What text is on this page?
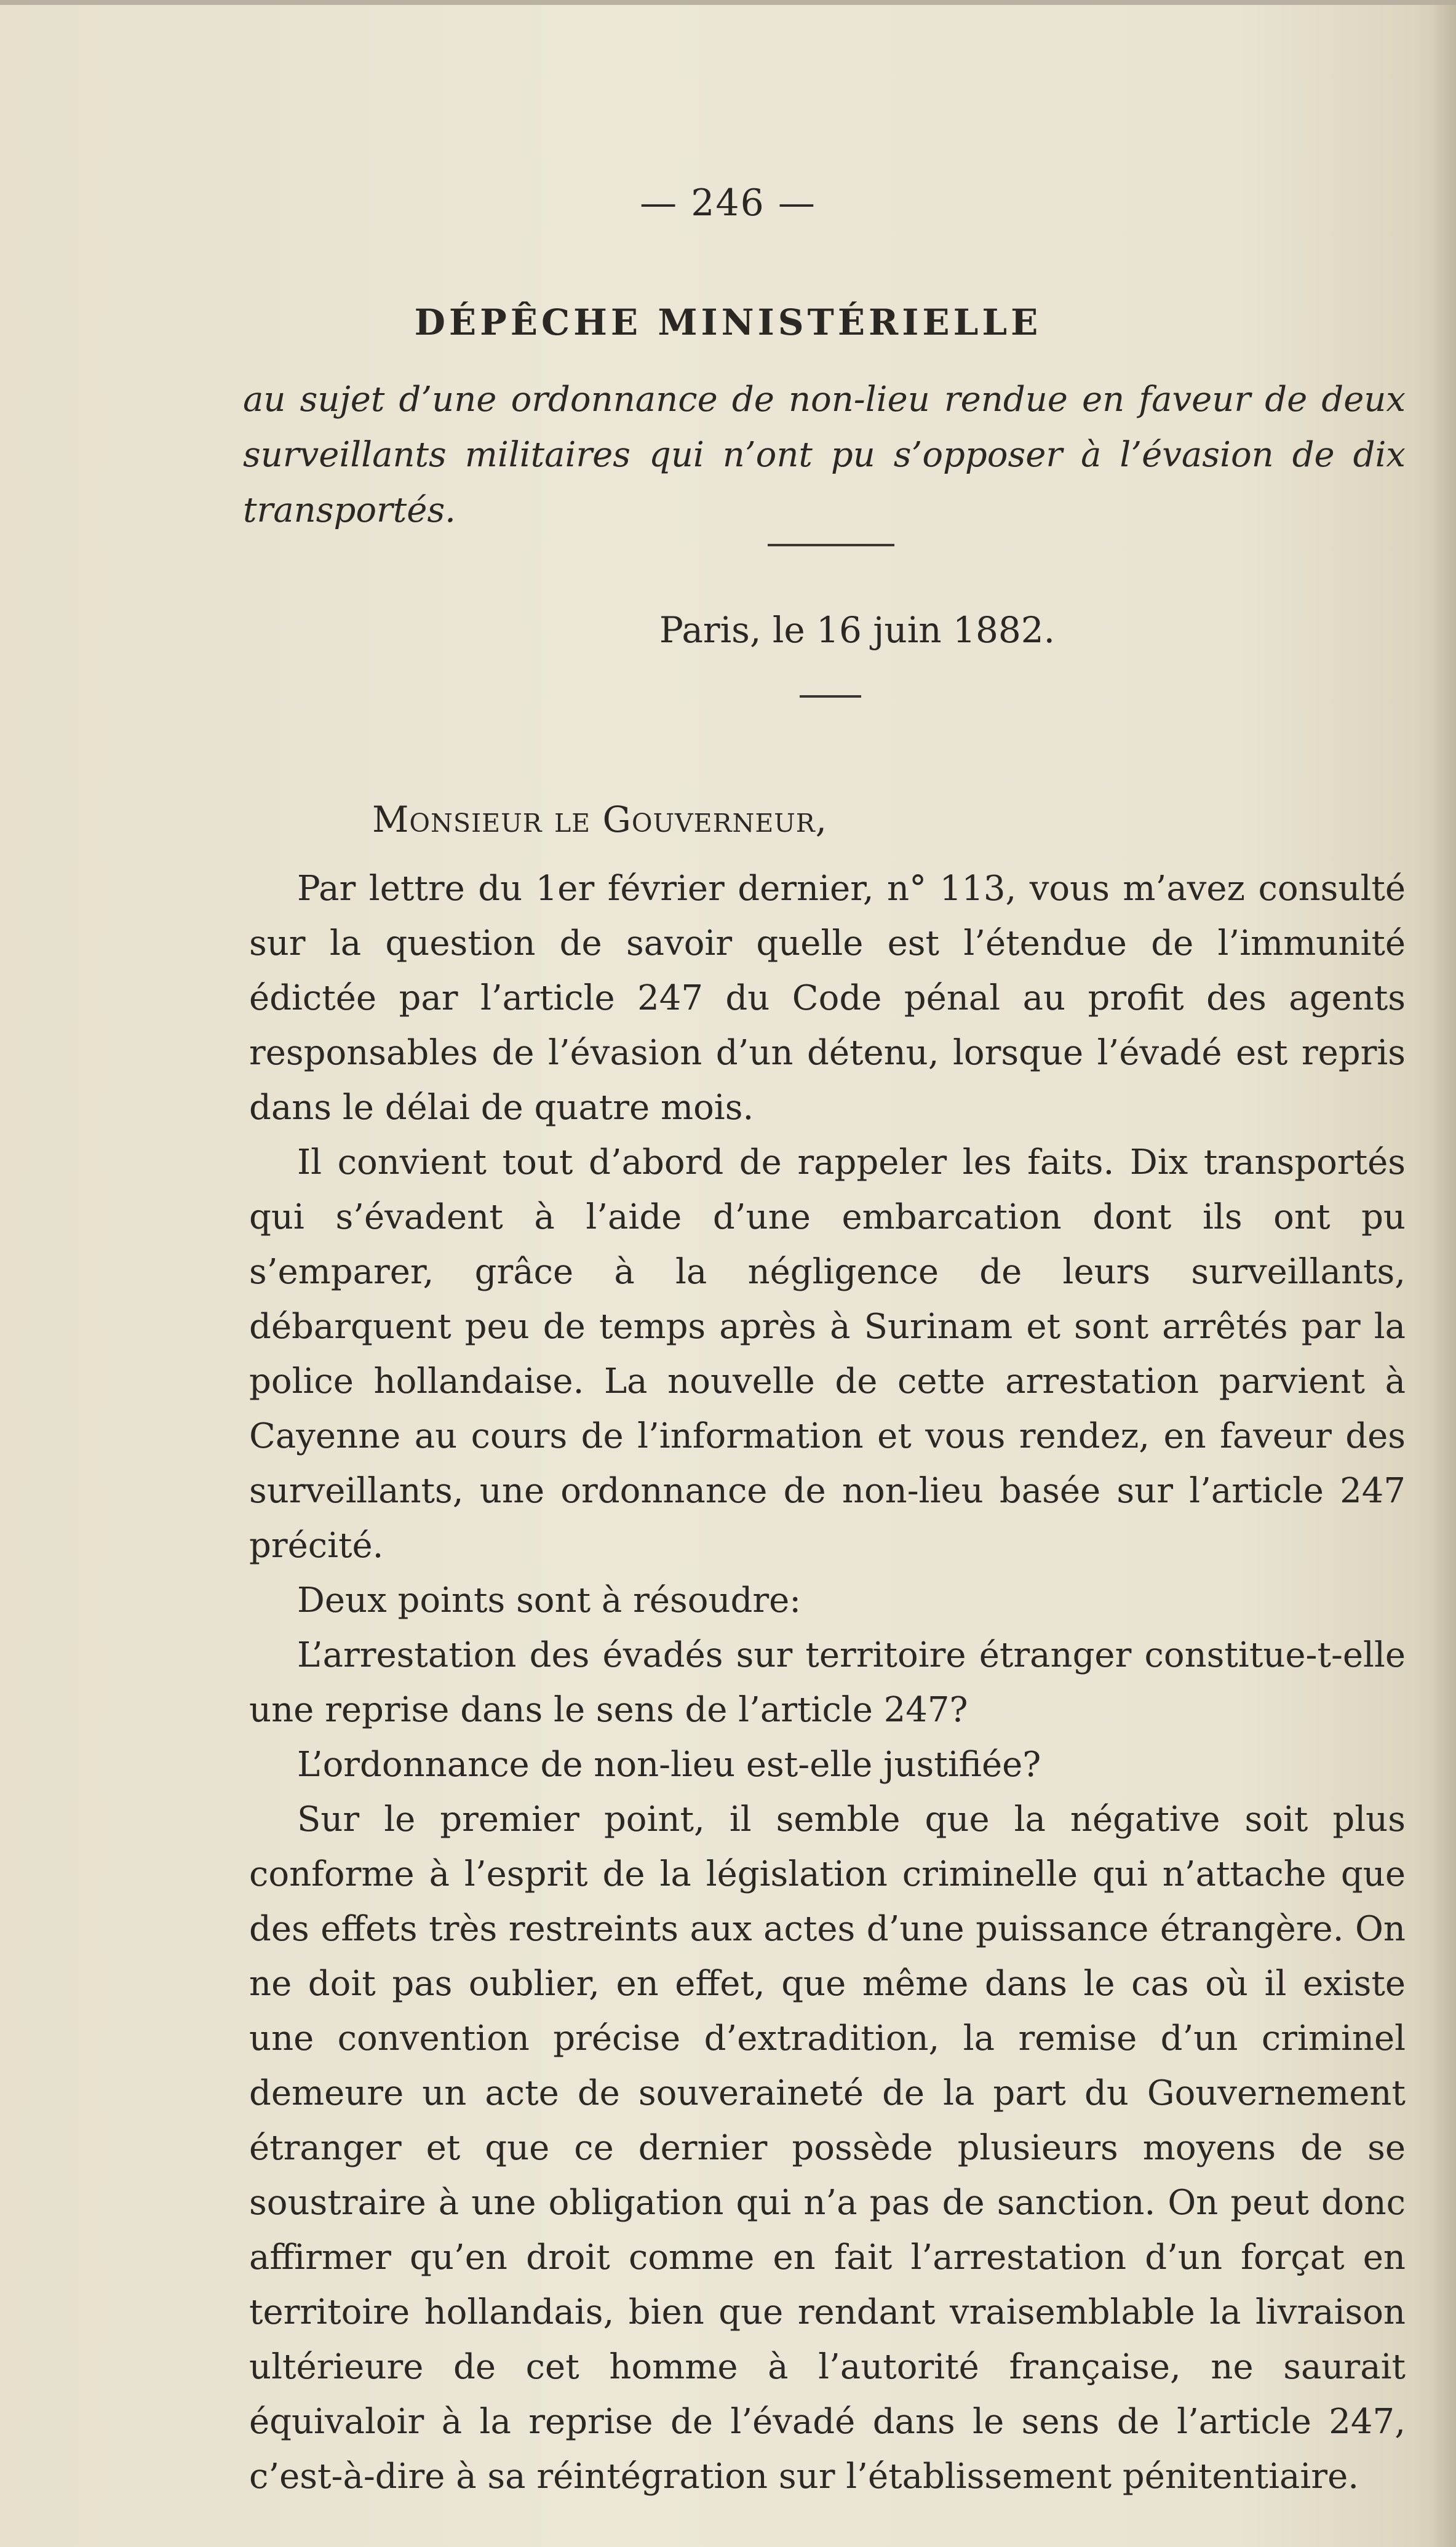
— 246 —
DÉPÊCHE MINISTÉRIELLE
au sujet d’une ordonnance de non-lieu rendue en faveur de deux surveillants militaires qui n’ont pu s’opposer à l’évasion de dix transportés.
Paris, le 16 juin 1882.
Monsieur le Gouverneur,

Par lettre du 1er février dernier, n° 113, vous m’avez consulté sur la question de savoir quelle est l’étendue de l’immunité édictée par l’article 247 du Code pénal au profit des agents responsables de l’évasion d’un détenu, lorsque l’évadé est repris dans le délai de quatre mois.

Il convient tout d’abord de rappeler les faits. Dix transportés qui s’évadent à l’aide d’une embarcation dont ils ont pu s’emparer, grâce à la négligence de leurs surveillants, débarquent peu de temps après à Surinam et sont arrêtés par la police hollandaise. La nouvelle de cette arrestation parvient à Cayenne au cours de l’information et vous rendez, en faveur des surveillants, une ordonnance de non-lieu basée sur l’article 247 précité.

Deux points sont à résoudre:

L’arrestation des évadés sur territoire étranger constitue-t-elle une reprise dans le sens de l’article 247?

L’ordonnance de non-lieu est-elle justifiée?

Sur le premier point, il semble que la négative soit plus conforme à l’esprit de la législation criminelle qui n’attache que des effets très restreints aux actes d’une puissance étrangère. On ne doit pas oublier, en effet, que même dans le cas où il existe une convention précise d’extradition, la remise d’un criminel demeure un acte de souveraineté de la part du Gouvernement étranger et que ce dernier possède plusieurs moyens de se soustraire à une obligation qui n’a pas de sanction. On peut donc affirmer qu’en droit comme en fait l’arrestation d’un forçat en territoire hollandais, bien que rendant vraisemblable la livraison ultérieure de cet homme à l’autorité française, ne saurait équivaloir à la reprise de l’évadé dans le sens de l’article 247, c’est-à-dire à sa réintégration sur l’établissement pénitentiaire.
